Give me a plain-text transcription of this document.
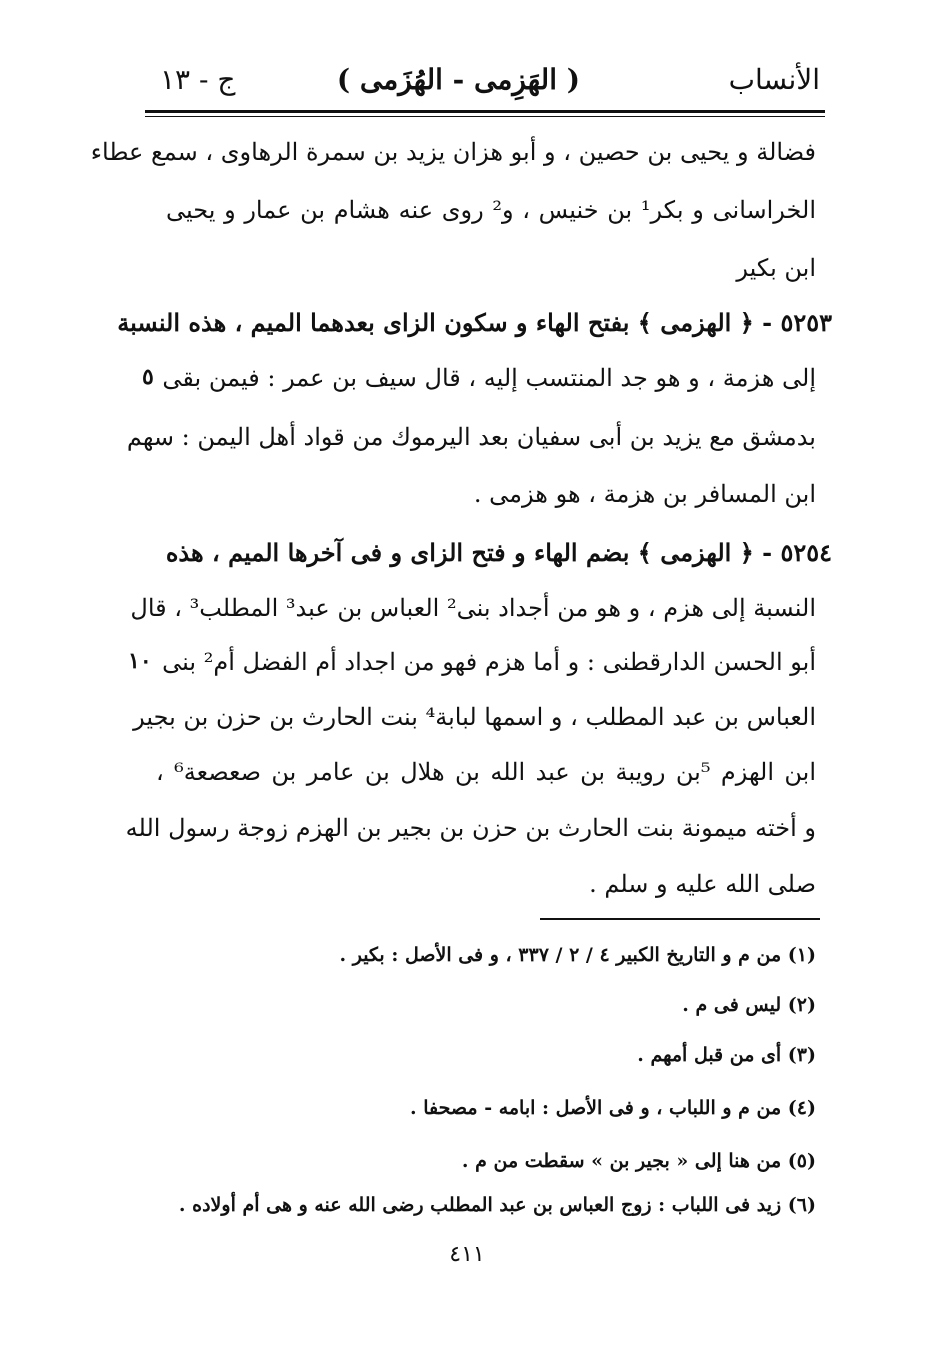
الأنساب
( الهَزِمى - الهُزَمى )
ج - ١٣
فضالة و يحيى بن حصين ، و أبو هزان يزيد بن سمرة الرهاوى ، سمع عطاء
الخراسانى و بكر¹ بن خنيس ، و² روى عنه هشام بن عمار و يحيى
ابن بكير
٥٢٥٣ - ﴿ الهزمى ﴾ بفتح الهاء و سكون الزاى بعدهما الميم ، هذه النسبة
إلى هزمة ، و هو جد المنتسب إليه ، قال سيف بن عمر : فيمن بقى
بدمشق مع يزيد بن أبى سفيان بعد اليرموك من قواد أهل اليمن : سهم
ابن المسافر بن هزمة ، هو هزمى .
٥٢٥٤ - ﴿ الهزمى ﴾ بضم الهاء و فتح الزاى و فى آخرها الميم ، هذه
النسبة إلى هزم ، و هو من أجداد بنى² العباس بن عبد³ المطلب³ ، قال
أبو الحسن الدارقطنى : و أما هزم فهو من اجداد أم الفضل أم² بنى
العباس بن عبد المطلب ، و اسمها لبابة⁴ بنت الحارث بن حزن بن بجير
ابن الهزم ⁵بن رويبة بن عبد الله بن هلال بن عامر بن صعصعة⁶ ،
و أخته ميمونة بنت الحارث بن حزن بن بجير بن الهزم زوجة رسول الله
صلى الله عليه و سلم .
٥
١٠
(١) من م و التاريخ الكبير ٤ / ٢ / ٣٣٧ ، و فى الأصل : بكير .
(٢) ليس فى م .
(٣) أى من قبل أمهم .
(٤) من م و اللباب ، و فى الأصل : ابامه - مصحفا .
(٥) من هنا إلى « بجير بن » سقطت من م .
(٦) زيد فى اللباب : زوج العباس بن عبد المطلب رضى الله عنه و هى أم أولاده .
٤١١
